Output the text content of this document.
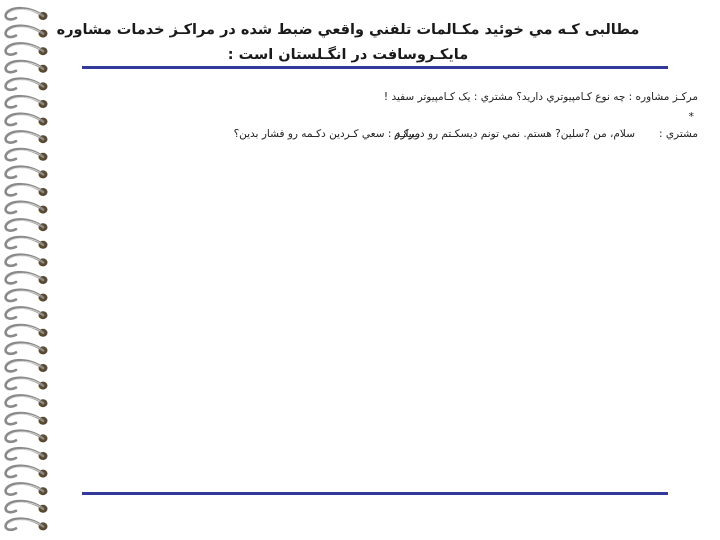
مطالبی کـه مي خوئيد مکـالمات تلفني واقعي ضبط شده در مراکـز خدمات مشاوره
مايکـروسافت در انگـلستان است :
مرکـز مشاوره : چه نوع کـامپيوتري داريد؟ مشتري : يک کـامپيوتر سفيد !
*
مشتري :
سلام، من ?سلين? هستم. نمي تونم ديسکـتم رو دربيارم
مرکـز : سعي کـردين دکـمه رو فشار بدين؟
